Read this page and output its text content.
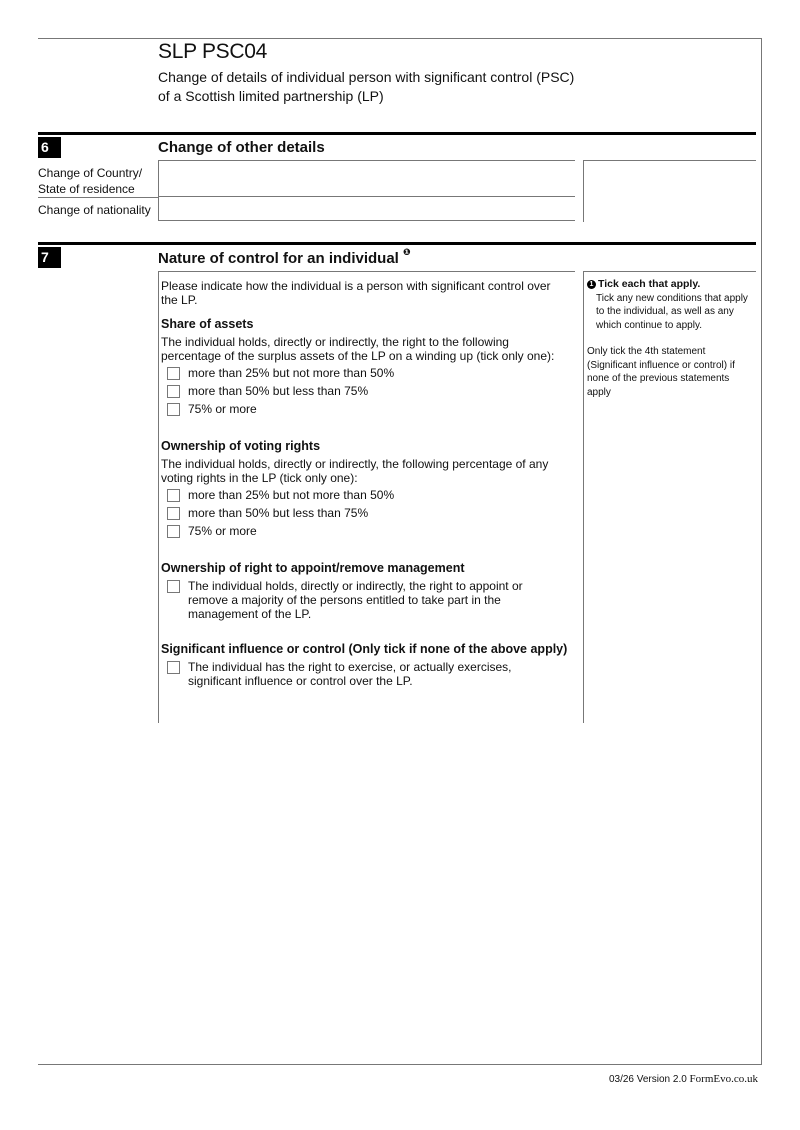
SLP PSC04
Change of details of individual person with significant control (PSC)
of a Scottish limited partnership (LP)
6	Change of other details
Change of Country/
State of residence
Change of nationality
7	Nature of control for an individual $^❶$
Please indicate how the individual is a person with significant control over the LP.
Share of assets
The individual holds, directly or indirectly, the right to the following percentage of the surplus assets of the LP on a winding up (tick only one):
more than 25% but not more than 50%
more than 50% but less than 75%
75% or more
Ownership of voting rights
The individual holds, directly or indirectly, the following percentage of any voting rights in the LP (tick only one):
more than 25% but not more than 50%
more than 50% but less than 75%
75% or more
Ownership of right to appoint/remove management
The individual holds, directly or indirectly, the right to appoint or remove a majority of the persons entitled to take part in the management of the LP.
Significant influence or control (Only tick if none of the above apply)
The individual has the right to exercise, or actually exercises, significant influence or control over the LP.
1 Tick each that apply.
Tick any new conditions that apply to the individual, as well as any which continue to apply.
Only tick the 4th statement (Significant influence or control) if none of the previous statements apply
03/26 Version 2.0 FormEvo.co.uk
